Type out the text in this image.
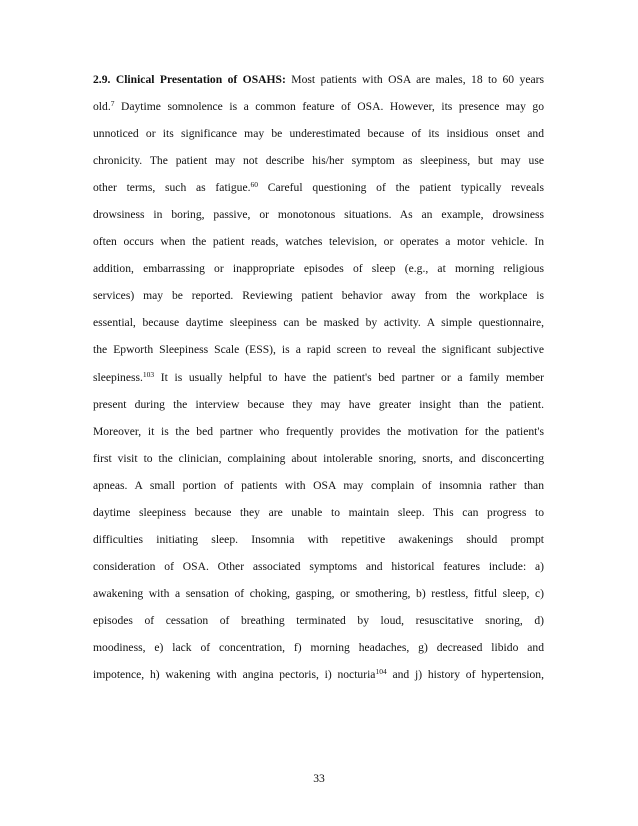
2.9. Clinical Presentation of OSAHS: Most patients with OSA are males, 18 to 60 years
old.$^7$ Daytime somnolence is a common feature of OSA. However, its presence may go
unnoticed or its significance may be underestimated because of its insidious onset and
chronicity. The patient may not describe his/her symptom as sleepiness, but may use
other terms, such as fatigue.$^{60}$ Careful questioning of the patient typically reveals
drowsiness in boring, passive, or monotonous situations. As an example, drowsiness
often occurs when the patient reads, watches television, or operates a motor vehicle. In
addition, embarrassing or inappropriate episodes of sleep (e.g., at morning religious
services) may be reported. Reviewing patient behavior away from the workplace is
essential, because daytime sleepiness can be masked by activity. A simple questionnaire,
the Epworth Sleepiness Scale (ESS), is a rapid screen to reveal the significant subjective
sleepiness.$^{103}$ It is usually helpful to have the patient's bed partner or a family member
present during the interview because they may have greater insight than the patient.
Moreover, it is the bed partner who frequently provides the motivation for the patient's
first visit to the clinician, complaining about intolerable snoring, snorts, and disconcerting
apneas. A small portion of patients with OSA may complain of insomnia rather than
daytime sleepiness because they are unable to maintain sleep. This can progress to
difficulties initiating sleep. Insomnia with repetitive awakenings should prompt
consideration of OSA. Other associated symptoms and historical features include: a)
awakening with a sensation of choking, gasping, or smothering, b) restless, fitful sleep, c)
episodes of cessation of breathing terminated by loud, resuscitative snoring, d)
moodiness, e) lack of concentration, f) morning headaches, g) decreased libido and
impotence, h) wakening with angina pectoris, i) nocturia$^{104}$ and j) history of hypertension,
33
